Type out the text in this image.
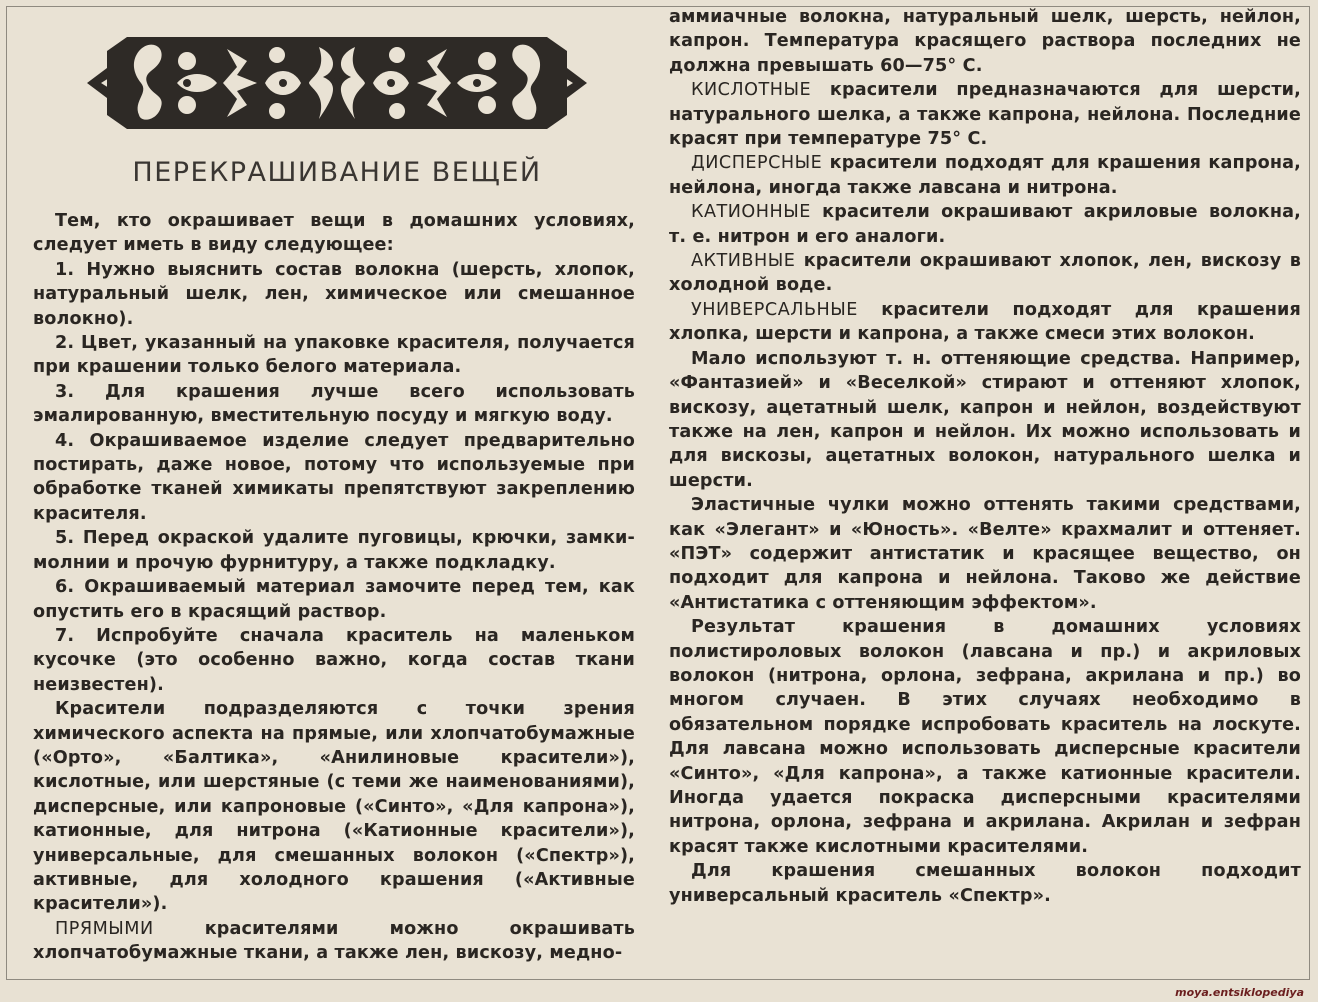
ПЕРЕКРАШИВАНИЕ ВЕЩЕЙ

Тем, кто окрашивает вещи в домашних условиях, следует иметь в виду следующее:

1. Нужно выяснить состав волокна (шерсть, хлопок, натуральный шелк, лен, химическое или смешанное волокно).

2. Цвет, указанный на упаковке красителя, получается при крашении только белого материала.

3. Для крашения лучше всего использовать эмалированную, вместительную посуду и мягкую воду.

4. Окрашиваемое изделие следует предварительно постирать, даже новое, потому что используемые при обработке тканей химикаты препятствуют закреплению красителя.

5. Перед окраской удалите пуговицы, крючки, замки-молнии и прочую фурнитуру, а также подкладку.

6. Окрашиваемый материал замочите перед тем, как опустить его в красящий раствор.

7. Испробуйте сначала краситель на маленьком кусочке (это особенно важно, когда состав ткани неизвестен).

Красители подразделяются с точки зрения химического аспекта на прямые, или хлопчатобумажные («Орто», «Балтика», «Анилиновые красители»), кислотные, или шерстяные (с теми же наименованиями), дисперсные, или капроновые («Синто», «Для капрона»), катионные, для нитрона («Катионные красители»), универсальные, для смешанных волокон («Спектр»), активные, для холодного крашения («Активные красители»).

ПРЯМЫМИ красителями можно окрашивать хлопчатобумажные ткани, а также лен, вискозу, медно-

аммиачные волокна, натуральный шелк, шерсть, нейлон, капрон. Температура красящего раствора последних не должна превышать 60—75° С.

КИСЛОТНЫЕ красители предназначаются для шерсти, натурального шелка, а также капрона, нейлона. Последние красят при температуре 75° С.

ДИСПЕРСНЫЕ красители подходят для крашения капрона, нейлона, иногда также лавсана и нитрона.

КАТИОННЫЕ красители окрашивают акриловые волокна, т. е. нитрон и его аналоги.

АКТИВНЫЕ красители окрашивают хлопок, лен, вискозу в холодной воде.

УНИВЕРСАЛЬНЫЕ красители подходят для крашения хлопка, шерсти и капрона, а также смеси этих волокон.

Мало используют т. н. оттеняющие средства. Например, «Фантазией» и «Веселкой» стирают и оттеняют хлопок, вискозу, ацетатный шелк, капрон и нейлон, воздействуют также на лен, капрон и нейлон. Их можно использовать и для вискозы, ацетатных волокон, натурального шелка и шерсти.

Эластичные чулки можно оттенять такими средствами, как «Элегант» и «Юность». «Велте» крахмалит и оттеняет. «ПЭТ» содержит антистатик и красящее вещество, он подходит для капрона и нейлона. Таково же действие «Антистатика с оттеняющим эффектом».

Результат крашения в домашних условиях полистироловых волокон (лавсана и пр.) и акриловых волокон (нитрона, орлона, зефрана, акрилана и пр.) во многом случаен. В этих случаях необходимо в обязательном порядке испробовать краситель на лоскуте. Для лавсана можно использовать дисперсные красители «Синто», «Для капрона», а также катионные красители. Иногда удается покраска дисперсными красителями нитрона, орлона, зефрана и акрилана. Акрилан и зефран красят также кислотными красителями.

Для крашения смешанных волокон подходит универсальный краситель «Спектр».

moya.entsiklopediya
